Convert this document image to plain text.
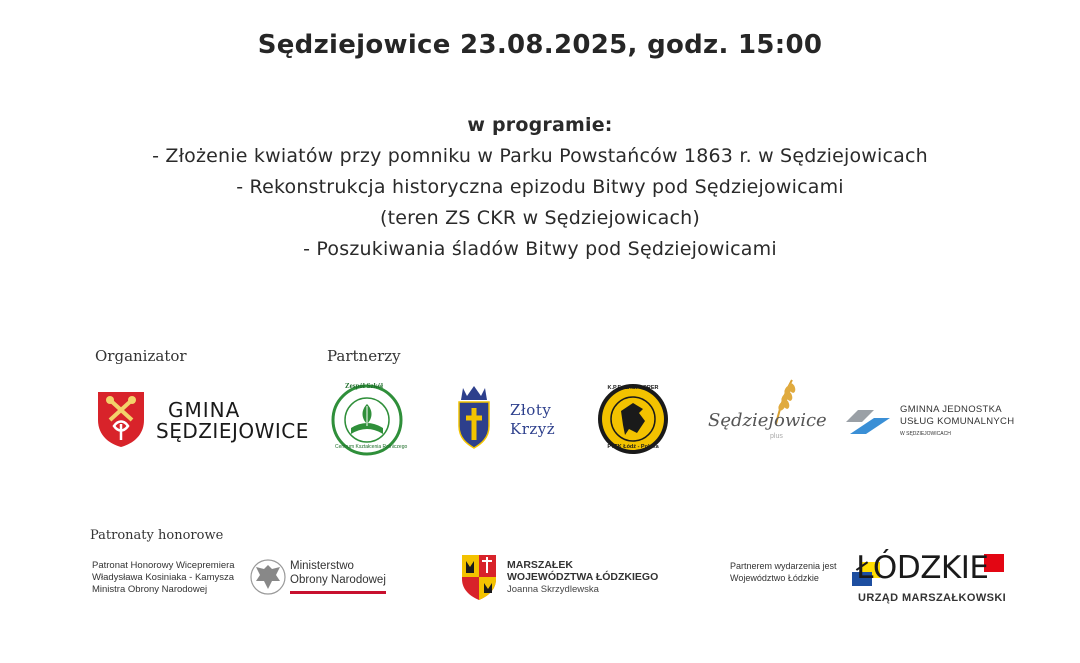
Sędziejowice 23.08.2025, godz. 15:00
w programie:
- Złożenie kwiatów przy pomniku w Parku Powstańców 1863 r. w Sędziejowicach
- Rekonstrukcja historyczna epizodu Bitwy pod Sędziejowicami
(teren ZS CKR w Sędziejowicach)
- Poszukiwania śladów Bitwy pod Sędziejowicami
Organizator	Partnerzy
GMINA
SĘDZIEJOWICE
Zespół Szkół
Centrum Kształcenia Rolniczego
Złoty
Krzyż
K.P.E. EKSPLORER
PTTK Łódź - Polska
Sędziejowice
plus
GMINNA JEDNOSTKA
USŁUG KOMUNALNYCH
W SĘDZIEJOWICACH
Patronaty honorowe
Patronat Honorowy Wicepremiera
Władysława Kosiniaka - Kamysza
Ministra Obrony Narodowej
Ministerstwo
Obrony Narodowej
MARSZAŁEK
WOJEWÓDZTWA ŁÓDZKIEGO
Joanna Skrzydlewska
Partnerem wydarzenia jest
Województwo Łódzkie	ŁÓDZKIE
URZĄD MARSZAŁKOWSKI
